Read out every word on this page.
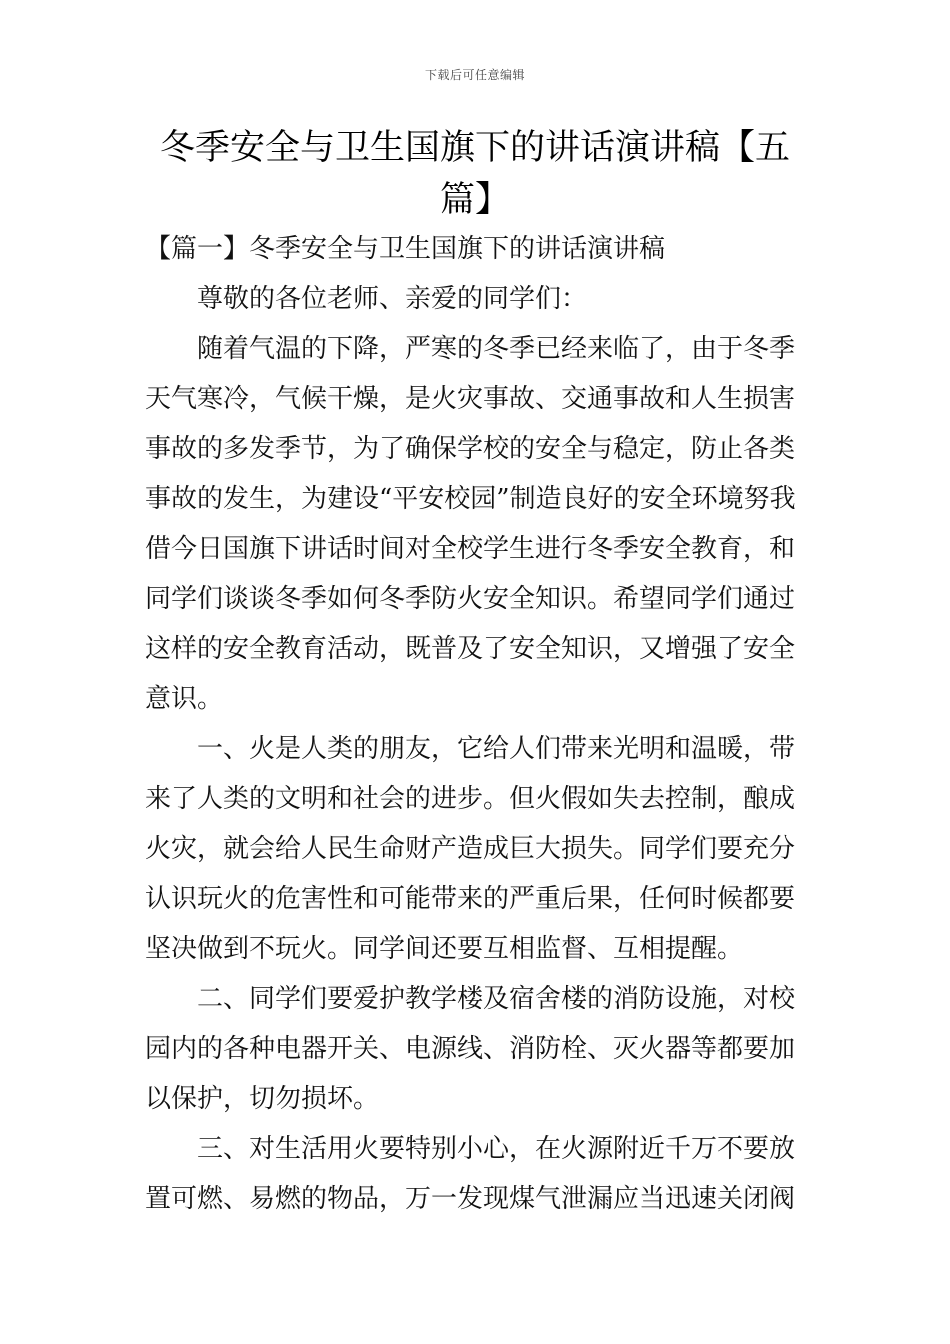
下载后可任意编辑
冬季安全与卫生国旗下的讲话演讲稿【五篇】

【篇一】冬季安全与卫生国旗下的讲话演讲稿

尊敬的各位老师、亲爱的同学们：

随着气温的下降，严寒的冬季已经来临了，由于冬季天气寒冷，气候干燥，是火灾事故、交通事故和人生损害事故的多发季节，为了确保学校的安全与稳定，防止各类事故的发生，为建设“平安校园”制造良好的安全环境努我借今日国旗下讲话时间对全校学生进行冬季安全教育，和同学们谈谈冬季如何冬季防火安全知识。希望同学们通过这样的安全教育活动，既普及了安全知识，又增强了安全意识。

一、火是人类的朋友，它给人们带来光明和温暖，带来了人类的文明和社会的进步。但火假如失去控制，酿成火灾，就会给人民生命财产造成巨大损失。同学们要充分认识玩火的危害性和可能带来的严重后果，任何时候都要坚决做到不玩火。同学间还要互相监督、互相提醒。

二、同学们要爱护教学楼及宿舍楼的消防设施，对校园内的各种电器开关、电源线、消防栓、灭火器等都要加以保护，切勿损坏。

三、对生活用火要特别小心，在火源附近千万不要放置可燃、易燃的物品，万一发现煤气泄漏应当迅速关闭阀
